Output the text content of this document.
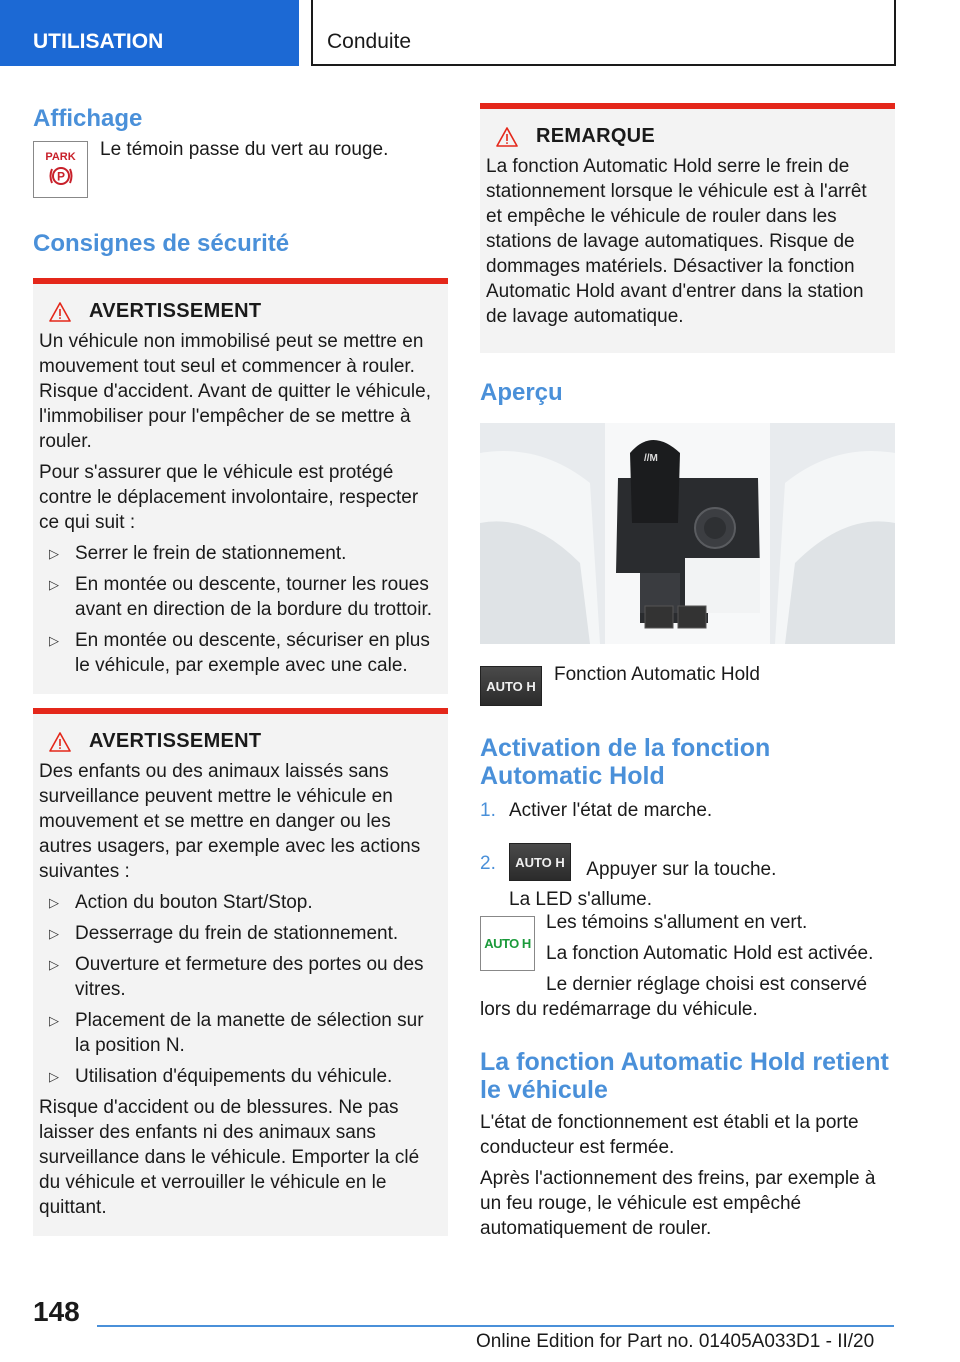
UTILISATION	Conduite
Affichage
PARK
P

Le témoin passe du vert au rouge.

Consignes de sécurité
AVERTISSEMENT

Un véhicule non immobilisé peut se mettre en mouvement tout seul et commencer à rouler. Risque d'accident. Avant de quitter le véhicule, l'immobiliser pour l'empêcher de se mettre à rouler.

Pour s'assurer que le véhicule est protégé contre le déplacement involontaire, respecter ce qui suit :

▷ Serrer le frein de stationnement.
▷ En montée ou descente, tourner les roues avant en direction de la bordure du trottoir.
▷ En montée ou descente, sécuriser en plus le véhicule, par exemple avec une cale.
AVERTISSEMENT

Des enfants ou des animaux laissés sans surveillance peuvent mettre le véhicule en mouvement et se mettre en danger ou les autres usagers, par exemple avec les actions suivantes :

▷ Action du bouton Start/Stop.
▷ Desserrage du frein de stationnement.
▷ Ouverture et fermeture des portes ou des vitres.
▷ Placement de la manette de sélection sur la position N.
▷ Utilisation d'équipements du véhicule.

Risque d'accident ou de blessures. Ne pas laisser des enfants ni des animaux sans surveillance dans le véhicule. Emporter la clé du véhicule et verrouiller le véhicule en le quittant.

REMARQUE

La fonction Automatic Hold serre le frein de stationnement lorsque le véhicule est à l'arrêt et empêche le véhicule de rouler dans les stations de lavage automatiques. Risque de dommages matériels. Désactiver la fonction Automatic Hold avant d'entrer dans la station de lavage automatique.

Aperçu
//M
AUTO H

Fonction Automatic Hold

Activation de la fonction Automatic Hold
1. Activer l'état de marche.
2. AUTO H Appuyer sur la touche.
La LED s'allume.
AUTO H

Les témoins s'allument en vert.

La fonction Automatic Hold est activée.

Le dernier réglage choisi est conservé

lors du redémarrage du véhicule.

La fonction Automatic Hold retient le véhicule

L'état de fonctionnement est établi et la porte conducteur est fermée.

Après l'actionnement des freins, par exemple à un feu rouge, le véhicule est empêché automatiquement de rouler.

148
Online Edition for Part no. 01405A033D1 - II/20
